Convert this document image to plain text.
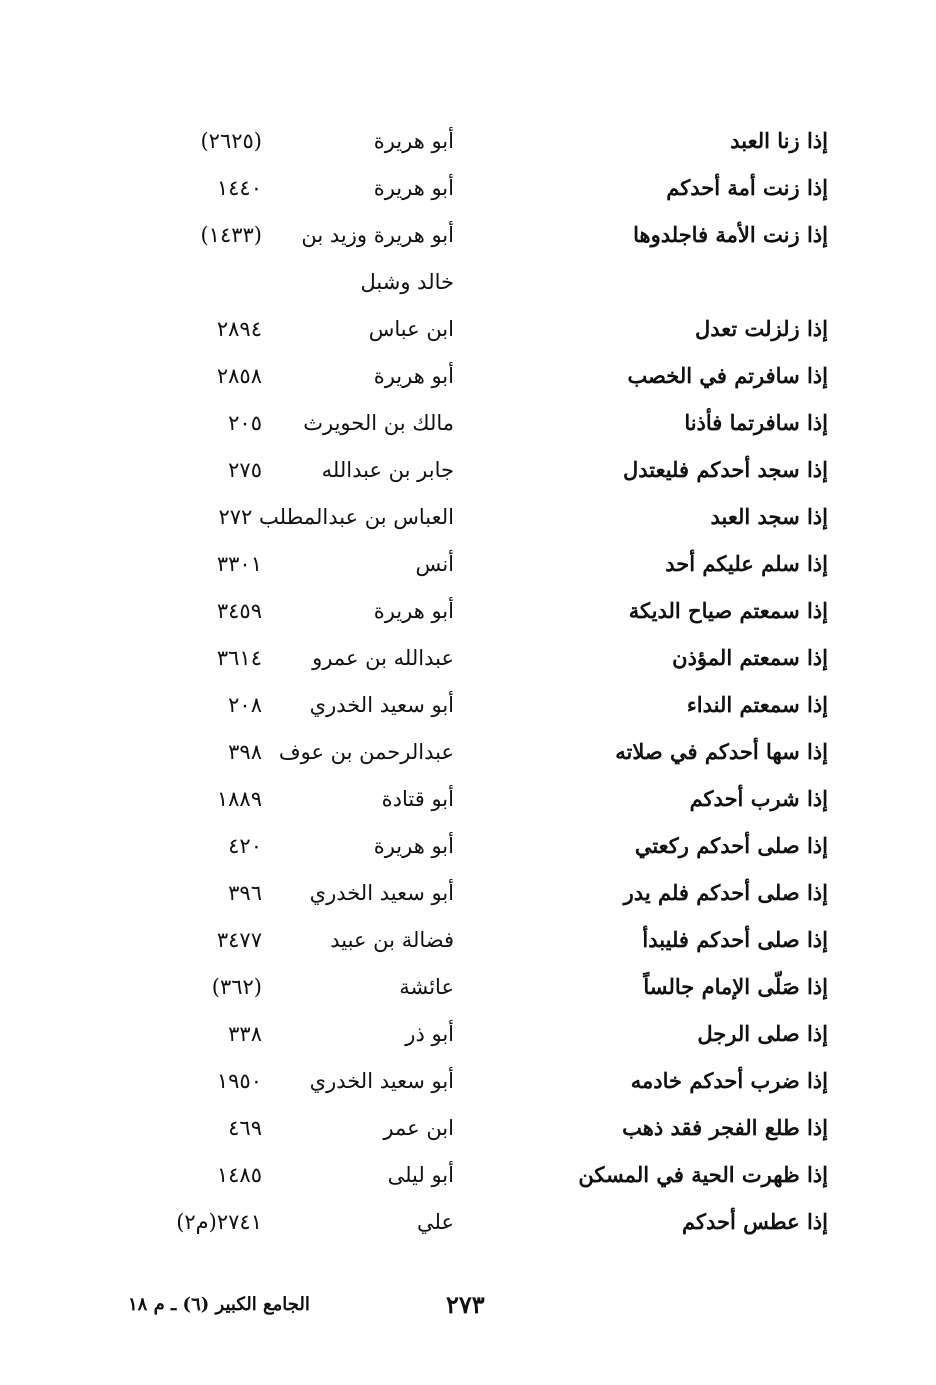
إذا زنا العبد
أبو هريرة
(٢٦٢٥)
إذا زنت أمة أحدكم
أبو هريرة
١٤٤٠
إذا زنت الأمة فاجلدوها
أبو هريرة وزيد بن
(١٤٣٣)
خالد وشبل
إذا زلزلت تعدل
ابن عباس
٢٨٩٤
إذا سافرتم في الخصب
أبو هريرة
٢٨٥٨
إذا سافرتما فأذنا
مالك بن الحويرث
٢٠٥
إذا سجد أحدكم فليعتدل
جابر بن عبدالله
٢٧٥
إذا سجد العبد
العباس بن عبدالمطلب ٢٧٢
إذا سلم عليكم أحد
أنس
٣٣٠١
إذا سمعتم صياح الديكة
أبو هريرة
٣٤٥٩
إذا سمعتم المؤذن
عبدالله بن عمرو
٣٦١٤
إذا سمعتم النداء
أبو سعيد الخدري
٢٠٨
إذا سها أحدكم في صلاته
عبدالرحمن بن عوف
٣٩٨
إذا شرب أحدكم
أبو قتادة
١٨٨٩
إذا صلى أحدكم ركعتي
أبو هريرة
٤٢٠
إذا صلى أحدكم فلم يدر
أبو سعيد الخدري
٣٩٦
إذا صلى أحدكم فليبدأ
فضالة بن عبيد
٣٤٧٧
إذا صَلّى الإمام جالساً
عائشة
(٣٦٢)
إذا صلى الرجل
أبو ذر
٣٣٨
إذا ضرب أحدكم خادمه
أبو سعيد الخدري
١٩٥٠
إذا طلع الفجر فقد ذهب
ابن عمر
٤٦٩
إذا ظهرت الحية في المسكن
أبو ليلى
١٤٨٥
إذا عطس أحدكم
علي
٢٧٤١(م٢)
٢٧٣
الجامع الكبير (٦) ـ م ١٨
